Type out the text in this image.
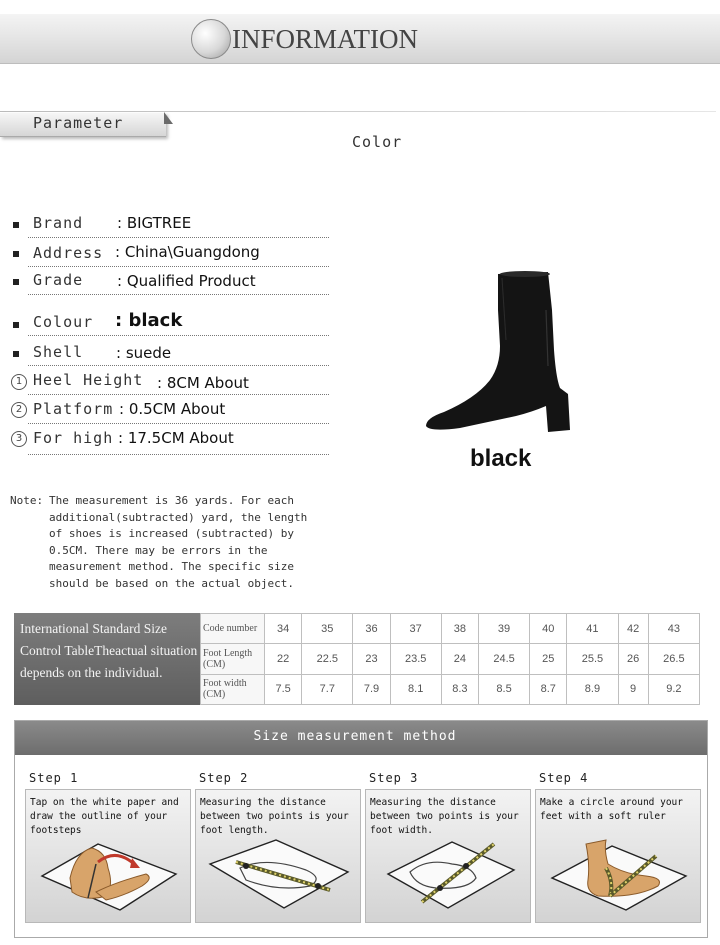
INFORMATION
Parameter
Color
Brand : BIGTREE
Address : China\Guangdong
Grade : Qualified Product
Colour : black
Shell : suede
1 Heel Height : 8CM About
2 Platform : 0.5CM About
3 For high : 17.5CM About
black
Note: The measurement is 36 yards. For each additional(subtracted) yard, the length of shoes is increased (subtracted) by 0.5CM. There may be errors in the measurement method. The specific size should be based on the actual object.
International Standard Size Control TableTheactual situation depends on the individual.
Code number	34	35	36	37	38	39	40	41	42	43
Foot Length (CM)	22	22.5	23	23.5	24	24.5	25	25.5	26	26.5
Foot width (CM)	7.5	7.7	7.9	8.1	8.3	8.5	8.7	8.9	9	9.2
Size measurement method
Step 1
Tap on the white paper and draw the outline of your footsteps
Step 2
Measuring the distance between two points is your foot length.
Step 3
Measuring the distance between two points is your foot width.
Step 4
Make a circle around your feet with a soft ruler
